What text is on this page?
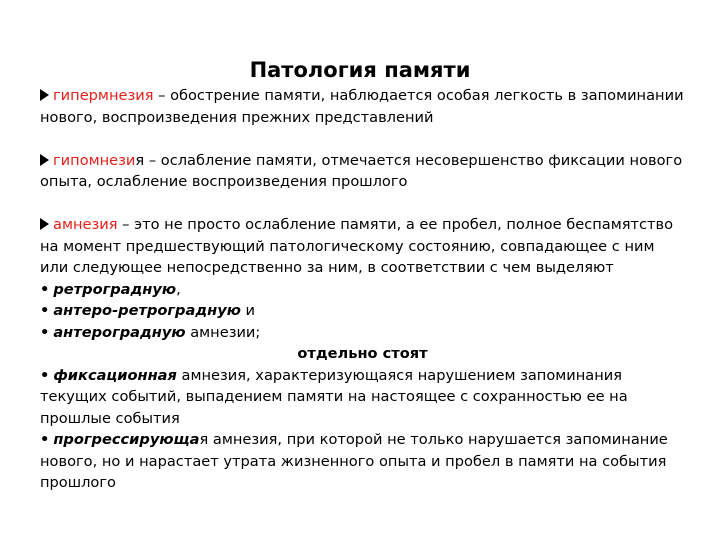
Патология памяти

гипермнезия – обострение памяти, наблюдается особая легкость в запоминании нового, воспроизведения прежних представлений

гипомнезия – ослабление памяти, отмечается несовершенство фиксации нового опыта, ослабление воспроизведения прошлого

амнезия – это не просто ослабление памяти, а ее пробел, полное беспамятство на момент предшествующий патологическому состоянию, совпадающее с ним или следующее непосредственно за ним, в соответствии с чем выделяют

• ретроградную,

• антеро-ретроградную и

• антероградную амнезии;

отдельно стоят

• фиксационная амнезия, характеризующаяся нарушением запоминания текущих событий, выпадением памяти на настоящее с сохранностью ее на прошлые события

• прогрессирующая амнезия, при которой не только нарушается запоминание нового, но и нарастает утрата жизненного опыта и пробел в памяти на события прошлого
